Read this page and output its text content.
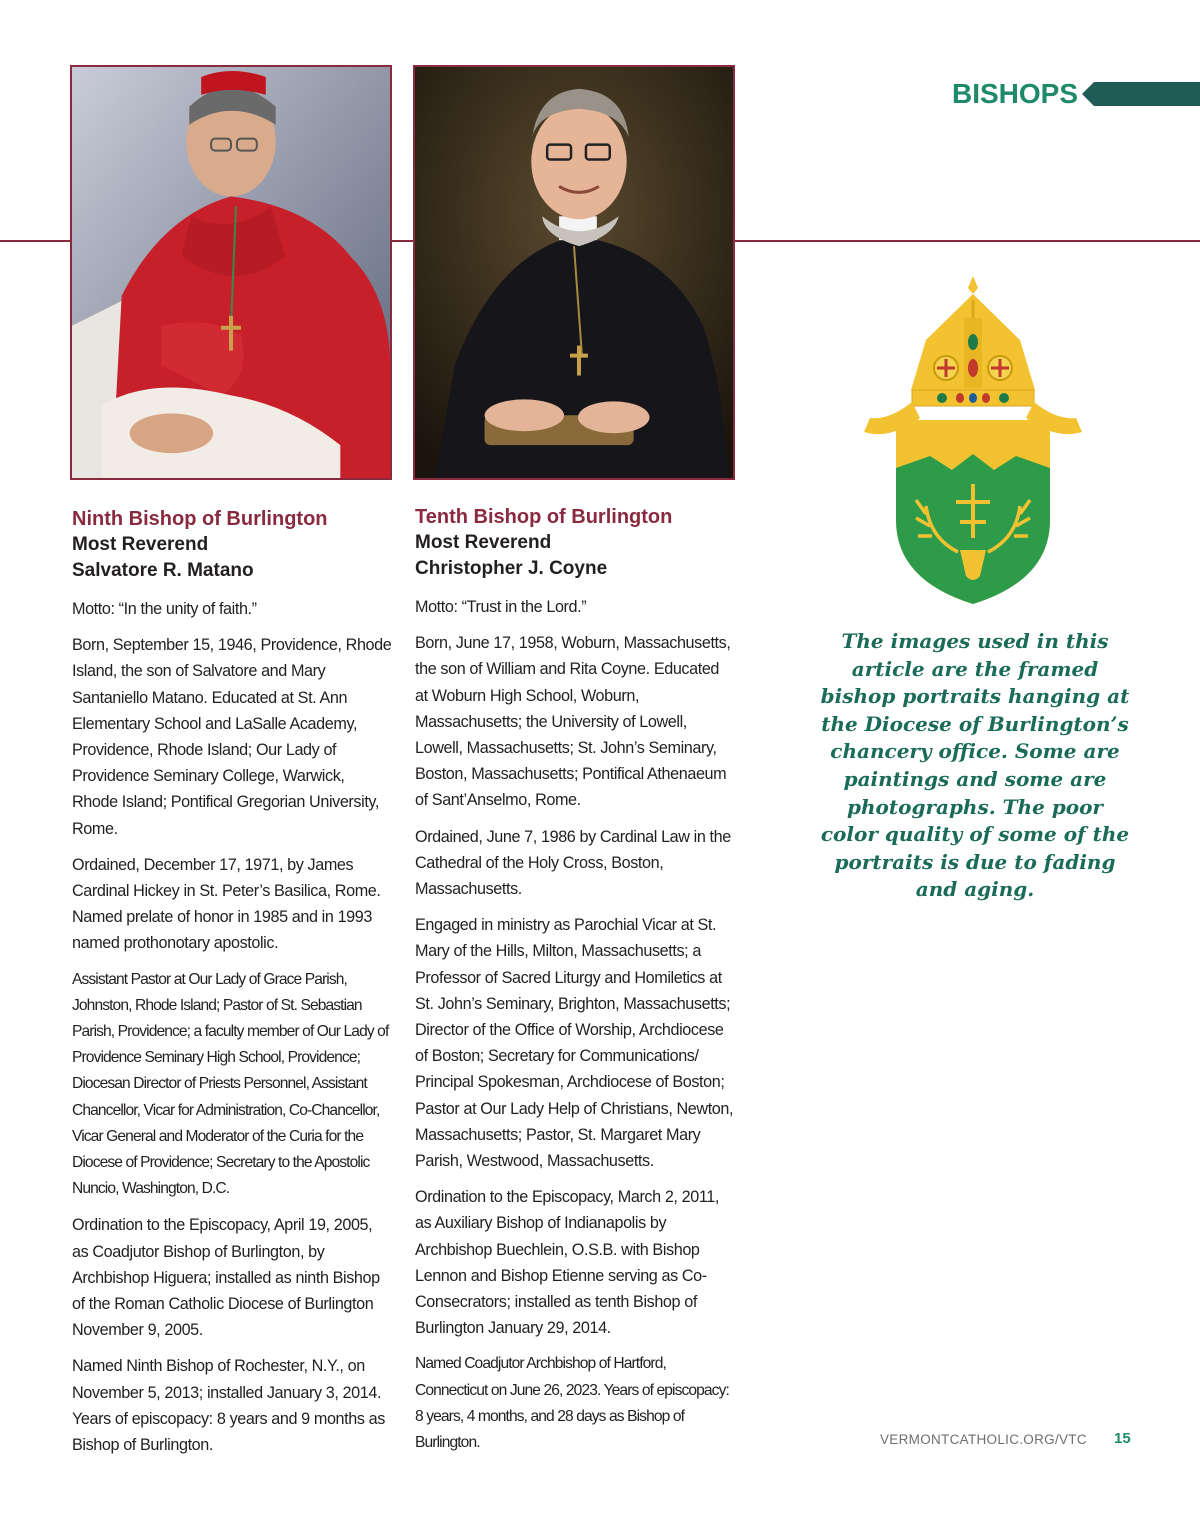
BISHOPS
Ninth Bishop of Burlington
Most Reverend
Salvatore R. Matano

Motto: “In the unity of faith.”

Born, September 15, 1946, Providence, Rhode Island, the son of Salvatore and Mary Santaniello Matano. Educated at St. Ann Elementary School and LaSalle Academy, Providence, Rhode Island; Our Lady of Providence Seminary College, Warwick, Rhode Island; Pontifical Gregorian University, Rome.

Ordained, December 17, 1971, by James Cardinal Hickey in St. Peter’s Basilica, Rome. Named prelate of honor in 1985 and in 1993 named prothonotary apostolic.

Assistant Pastor at Our Lady of Grace Parish, Johnston, Rhode Island; Pastor of St. Sebastian Parish, Providence; a faculty member of Our Lady of Providence Seminary High School, Providence; Diocesan Director of Priests Personnel, Assistant Chancellor, Vicar for Administration, Co-Chancellor, Vicar General and Moderator of the Curia for the Diocese of Providence; Secretary to the Apostolic Nuncio, Washington, D.C.

Ordination to the Episcopacy, April 19, 2005, as Coadjutor Bishop of Burlington, by Archbishop Higuera; installed as ninth Bishop of the Roman Catholic Diocese of Burlington November 9, 2005.

Named Ninth Bishop of Rochester, N.Y., on November 5, 2013; installed January 3, 2014. Years of episcopacy: 8 years and 9 months as Bishop of Burlington.

Tenth Bishop of Burlington
Most Reverend
Christopher J. Coyne

Motto: “Trust in the Lord.”

Born, June 17, 1958, Woburn, Massachusetts, the son of William and Rita Coyne. Educated at Woburn High School, Woburn, Massachusetts; the University of Lowell, Lowell, Massachusetts; St. John’s Seminary, Boston, Massachusetts; Pontifical Athenaeum of Sant’Anselmo, Rome.

Ordained, June 7, 1986 by Cardinal Law in the Cathedral of the Holy Cross, Boston, Massachusetts.

Engaged in ministry as Parochial Vicar at St. Mary of the Hills, Milton, Massachusetts; a Professor of Sacred Liturgy and Homiletics at St. John’s Seminary, Brighton, Massachusetts; Director of the Office of Worship, Archdiocese of Boston; Secretary for Communications/ Principal Spokesman, Archdiocese of Boston; Pastor at Our Lady Help of Christians, Newton, Massachusetts; Pastor, St. Margaret Mary Parish, Westwood, Massachusetts.

Ordination to the Episcopacy, March 2, 2011, as Auxiliary Bishop of Indianapolis by Archbishop Buechlein, O.S.B. with Bishop Lennon and Bishop Etienne serving as Co-Consecrators; installed as tenth Bishop of Burlington January 29, 2014.

Named Coadjutor Archbishop of Hartford, Connecticut on June 26, 2023. Years of episcopacy: 8 years, 4 months, and 28 days as Bishop of Burlington.

The images used in this article are the framed bishop portraits hanging at the Diocese of Burlington’s chancery office. Some are paintings and some are photographs. The poor color quality of some of the portraits is due to fading and aging.
VERMONTCATHOLIC.ORG/VTC 15
